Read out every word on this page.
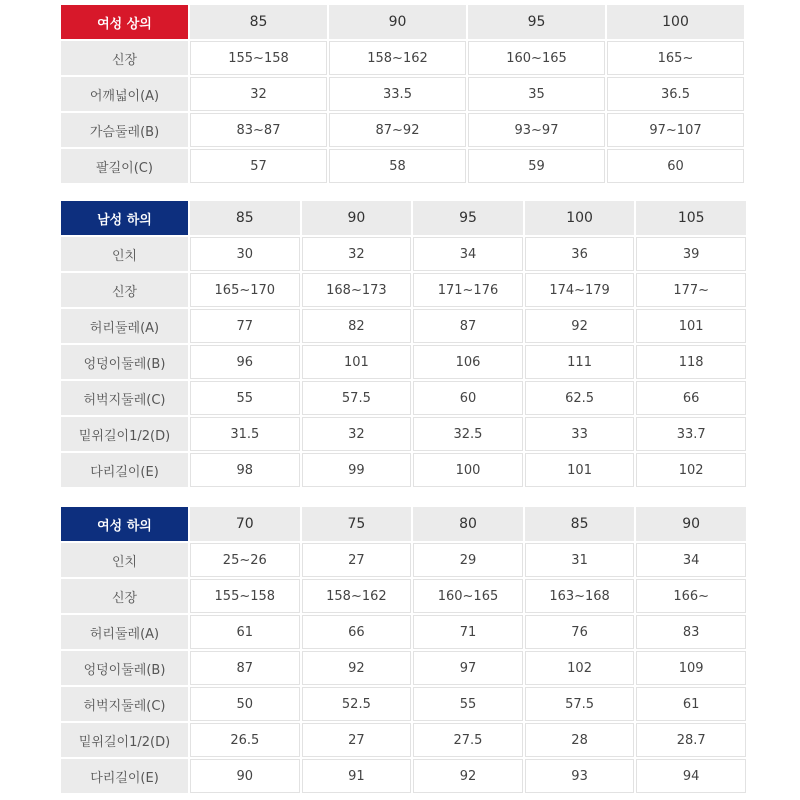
여성 상의	85	90	95	100
신장	155~158	158~162	160~165	165~
어깨넓이(A)	32	33.5	35	36.5
가슴둘레(B)	83~87	87~92	93~97	97~107
팔길이(C)	57	58	59	60
남성 하의	85	90	95	100	105
인치	30	32	34	36	39
신장	165~170	168~173	171~176	174~179	177~
허리둘레(A)	77	82	87	92	101
엉덩이둘레(B)	96	101	106	111	118
허벅지둘레(C)	55	57.5	60	62.5	66
밑위길이1/2(D)	31.5	32	32.5	33	33.7
다리길이(E)	98	99	100	101	102
여성 하의	70	75	80	85	90
인치	25~26	27	29	31	34
신장	155~158	158~162	160~165	163~168	166~
허리둘레(A)	61	66	71	76	83
엉덩이둘레(B)	87	92	97	102	109
허벅지둘레(C)	50	52.5	55	57.5	61
밑위길이1/2(D)	26.5	27	27.5	28	28.7
다리길이(E)	90	91	92	93	94
